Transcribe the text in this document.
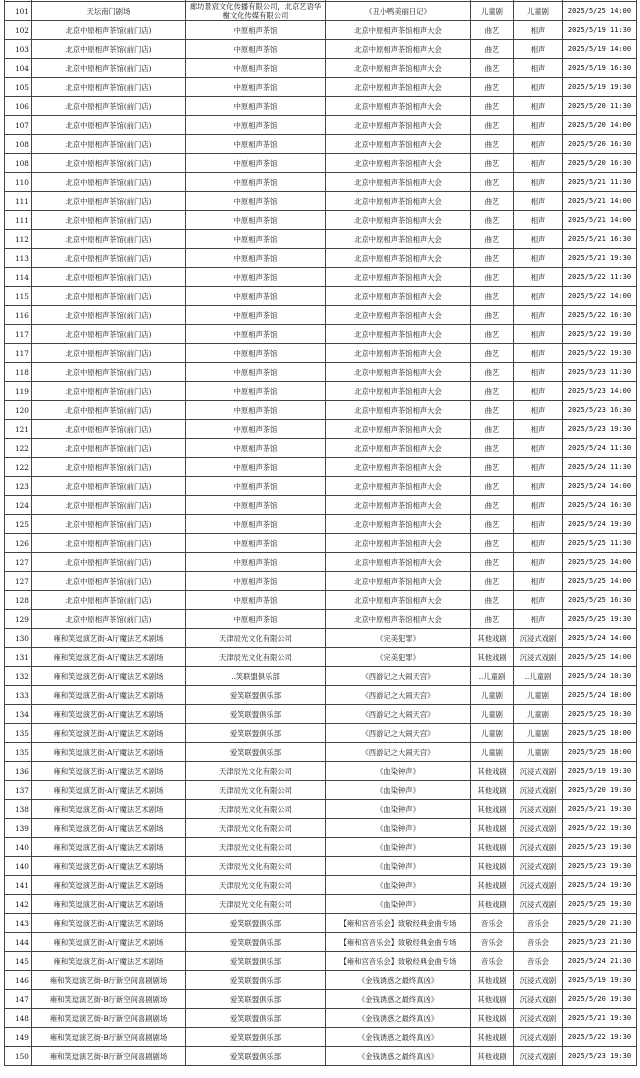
101	天坛南门剧场	廊坊景宸文化传播有限公司，北京艺语华榭文化传媒有限公司	《丑小鸭美丽日记》	儿童剧	儿童剧	2025/5/25 14:00
102	北京中原相声茶馆(前门店)	中原相声茶馆	北京中原相声茶馆相声大会	曲艺	相声	2025/5/19 11:30
103	北京中原相声茶馆(前门店)	中原相声茶馆	北京中原相声茶馆相声大会	曲艺	相声	2025/5/19 14:00
104	北京中原相声茶馆(前门店)	中原相声茶馆	北京中原相声茶馆相声大会	曲艺	相声	2025/5/19 16:30
105	北京中原相声茶馆(前门店)	中原相声茶馆	北京中原相声茶馆相声大会	曲艺	相声	2025/5/19 19:30
106	北京中原相声茶馆(前门店)	中原相声茶馆	北京中原相声茶馆相声大会	曲艺	相声	2025/5/20 11:30
107	北京中原相声茶馆(前门店)	中原相声茶馆	北京中原相声茶馆相声大会	曲艺	相声	2025/5/20 14:00
108	北京中原相声茶馆(前门店)	中原相声茶馆	北京中原相声茶馆相声大会	曲艺	相声	2025/5/20 16:30
108	北京中原相声茶馆(前门店)	中原相声茶馆	北京中原相声茶馆相声大会	曲艺	相声	2025/5/20 16:30
110	北京中原相声茶馆(前门店)	中原相声茶馆	北京中原相声茶馆相声大会	曲艺	相声	2025/5/21 11:30
111	北京中原相声茶馆(前门店)	中原相声茶馆	北京中原相声茶馆相声大会	曲艺	相声	2025/5/21 14:00
111	北京中原相声茶馆(前门店)	中原相声茶馆	北京中原相声茶馆相声大会	曲艺	相声	2025/5/21 14:00
112	北京中原相声茶馆(前门店)	中原相声茶馆	北京中原相声茶馆相声大会	曲艺	相声	2025/5/21 16:30
113	北京中原相声茶馆(前门店)	中原相声茶馆	北京中原相声茶馆相声大会	曲艺	相声	2025/5/21 19:30
114	北京中原相声茶馆(前门店)	中原相声茶馆	北京中原相声茶馆相声大会	曲艺	相声	2025/5/22 11:30
115	北京中原相声茶馆(前门店)	中原相声茶馆	北京中原相声茶馆相声大会	曲艺	相声	2025/5/22 14:00
116	北京中原相声茶馆(前门店)	中原相声茶馆	北京中原相声茶馆相声大会	曲艺	相声	2025/5/22 16:30
117	北京中原相声茶馆(前门店)	中原相声茶馆	北京中原相声茶馆相声大会	曲艺	相声	2025/5/22 19:30
117	北京中原相声茶馆(前门店)	中原相声茶馆	北京中原相声茶馆相声大会	曲艺	相声	2025/5/22 19:30
118	北京中原相声茶馆(前门店)	中原相声茶馆	北京中原相声茶馆相声大会	曲艺	相声	2025/5/23 11:30
119	北京中原相声茶馆(前门店)	中原相声茶馆	北京中原相声茶馆相声大会	曲艺	相声	2025/5/23 14:00
120	北京中原相声茶馆(前门店)	中原相声茶馆	北京中原相声茶馆相声大会	曲艺	相声	2025/5/23 16:30
121	北京中原相声茶馆(前门店)	中原相声茶馆	北京中原相声茶馆相声大会	曲艺	相声	2025/5/23 19:30
122	北京中原相声茶馆(前门店)	中原相声茶馆	北京中原相声茶馆相声大会	曲艺	相声	2025/5/24 11:30
122	北京中原相声茶馆(前门店)	中原相声茶馆	北京中原相声茶馆相声大会	曲艺	相声	2025/5/24 11:30
123	北京中原相声茶馆(前门店)	中原相声茶馆	北京中原相声茶馆相声大会	曲艺	相声	2025/5/24 14:00
124	北京中原相声茶馆(前门店)	中原相声茶馆	北京中原相声茶馆相声大会	曲艺	相声	2025/5/24 16:30
125	北京中原相声茶馆(前门店)	中原相声茶馆	北京中原相声茶馆相声大会	曲艺	相声	2025/5/24 19:30
126	北京中原相声茶馆(前门店)	中原相声茶馆	北京中原相声茶馆相声大会	曲艺	相声	2025/5/25 11:30
127	北京中原相声茶馆(前门店)	中原相声茶馆	北京中原相声茶馆相声大会	曲艺	相声	2025/5/25 14:00
127	北京中原相声茶馆(前门店)	中原相声茶馆	北京中原相声茶馆相声大会	曲艺	相声	2025/5/25 14:00
128	北京中原相声茶馆(前门店)	中原相声茶馆	北京中原相声茶馆相声大会	曲艺	相声	2025/5/25 16:30
129	北京中原相声茶馆(前门店)	中原相声茶馆	北京中原相声茶馆相声大会	曲艺	相声	2025/5/25 19:30
130	雍和笑逗演艺街-A厅魔法艺术剧场	天津辰光文化有限公司	《完美犯罪》	其他戏剧	沉浸式戏剧	2025/5/24 14:00
131	雍和笑逗演艺街-A厅魔法艺术剧场	天津辰光文化有限公司	《完美犯罪》	其他戏剧	沉浸式戏剧	2025/5/25 14:00
132	雍和笑逗演艺街-A厅魔法艺术剧场	..笑联盟俱乐部	《西游记之大闹天宫》	..儿童剧	..儿童剧	2025/5/24 10:30
133	雍和笑逗演艺街-A厅魔法艺术剧场	爱笑联盟俱乐部	《西游记之大闹天宫》	儿童剧	儿童剧	2025/5/24 18:00
134	雍和笑逗演艺街-A厅魔法艺术剧场	爱笑联盟俱乐部	《西游记之大闹天宫》	儿童剧	儿童剧	2025/5/25 10:30
135	雍和笑逗演艺街-A厅魔法艺术剧场	爱笑联盟俱乐部	《西游记之大闹天宫》	儿童剧	儿童剧	2025/5/25 18:00
135	雍和笑逗演艺街-A厅魔法艺术剧场	爱笑联盟俱乐部	《西游记之大闹天宫》	儿童剧	儿童剧	2025/5/25 18:00
136	雍和笑逗演艺街-A厅魔法艺术剧场	天津辰光文化有限公司	《血染钟声》	其他戏剧	沉浸式戏剧	2025/5/19 19:30
137	雍和笑逗演艺街-A厅魔法艺术剧场	天津辰光文化有限公司	《血染钟声》	其他戏剧	沉浸式戏剧	2025/5/20 19:30
138	雍和笑逗演艺街-A厅魔法艺术剧场	天津辰光文化有限公司	《血染钟声》	其他戏剧	沉浸式戏剧	2025/5/21 19:30
139	雍和笑逗演艺街-A厅魔法艺术剧场	天津辰光文化有限公司	《血染钟声》	其他戏剧	沉浸式戏剧	2025/5/22 19:30
140	雍和笑逗演艺街-A厅魔法艺术剧场	天津辰光文化有限公司	《血染钟声》	其他戏剧	沉浸式戏剧	2025/5/23 19:30
140	雍和笑逗演艺街-A厅魔法艺术剧场	天津辰光文化有限公司	《血染钟声》	其他戏剧	沉浸式戏剧	2025/5/23 19:30
141	雍和笑逗演艺街-A厅魔法艺术剧场	天津辰光文化有限公司	《血染钟声》	其他戏剧	沉浸式戏剧	2025/5/24 19:30
142	雍和笑逗演艺街-A厅魔法艺术剧场	天津辰光文化有限公司	《血染钟声》	其他戏剧	沉浸式戏剧	2025/5/25 19:30
143	雍和笑逗演艺街-A厅魔法艺术剧场	爱笑联盟俱乐部	【雍和宫音乐会】致敬经典金曲专场	音乐会	音乐会	2025/5/20 21:30
144	雍和笑逗演艺街-A厅魔法艺术剧场	爱笑联盟俱乐部	【雍和宫音乐会】致敬经典金曲专场	音乐会	音乐会	2025/5/23 21:30
145	雍和笑逗演艺街-A厅魔法艺术剧场	爱笑联盟俱乐部	【雍和宫音乐会】致敬经典金曲专场	音乐会	音乐会	2025/5/24 21:30
146	雍和笑逗演艺街-B厅新空间喜剧剧场	爱笑联盟俱乐部	《金钱诱惑之最终真凶》	其他戏剧	沉浸式戏剧	2025/5/19 19:30
147	雍和笑逗演艺街-B厅新空间喜剧剧场	爱笑联盟俱乐部	《金钱诱惑之最终真凶》	其他戏剧	沉浸式戏剧	2025/5/20 19:30
148	雍和笑逗演艺街-B厅新空间喜剧剧场	爱笑联盟俱乐部	《金钱诱惑之最终真凶》	其他戏剧	沉浸式戏剧	2025/5/21 19:30
149	雍和笑逗演艺街-B厅新空间喜剧剧场	爱笑联盟俱乐部	《金钱诱惑之最终真凶》	其他戏剧	沉浸式戏剧	2025/5/22 19:30
150	雍和笑逗演艺街-B厅新空间喜剧剧场	爱笑联盟俱乐部	《金钱诱惑之最终真凶》	其他戏剧	沉浸式戏剧	2025/5/23 19:30
